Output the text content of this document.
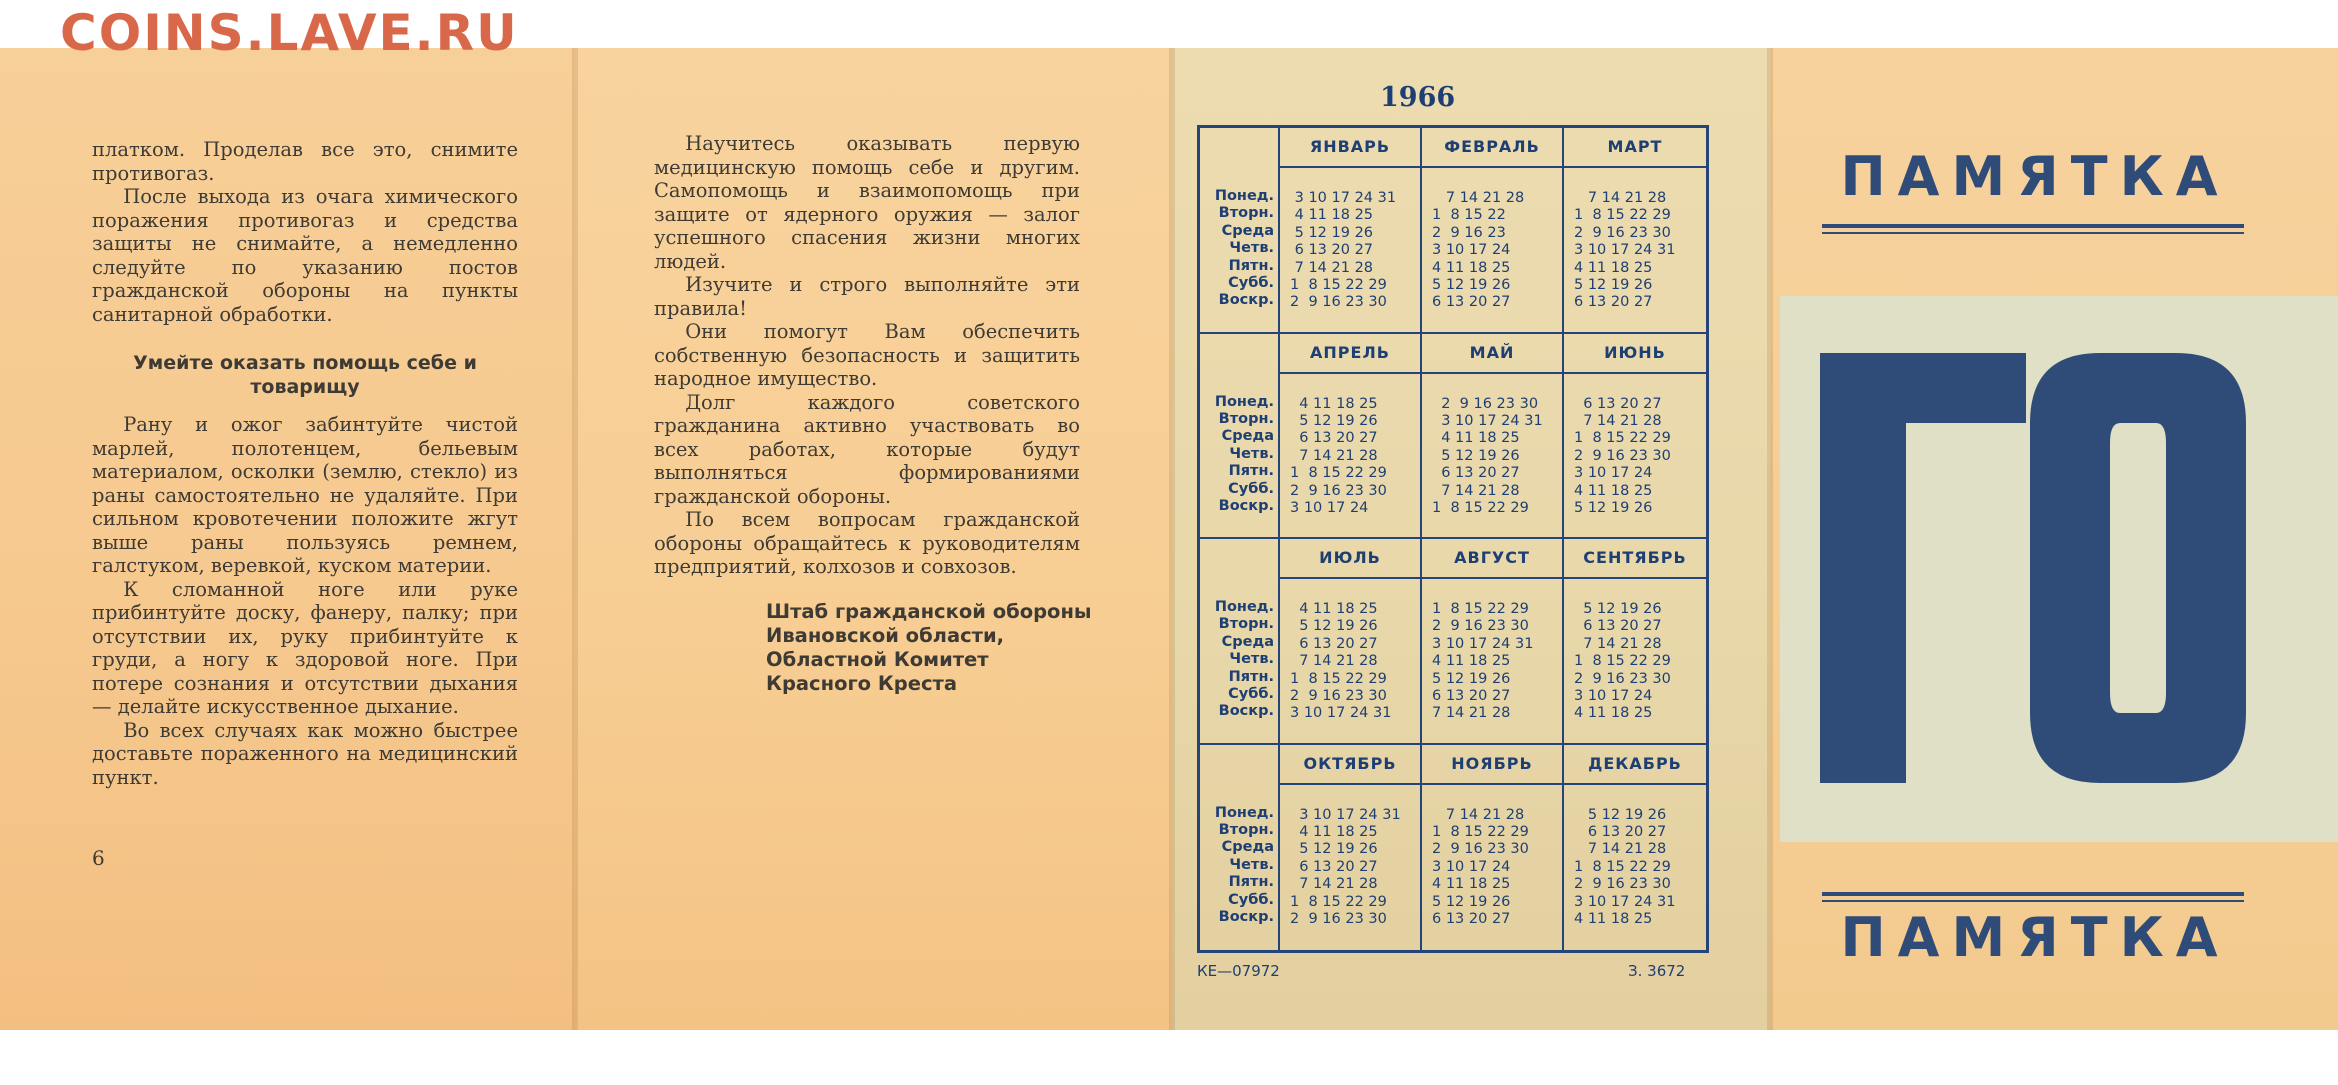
COINS.LAVE.RU

платком. Проделав все это, снимите противогаз.

После выхода из очага химического поражения противогаз и средства защиты не снимайте, а немедленно следуйте по указанию постов гражданской обороны на пункты санитарной обработки.

Умейте оказать помощь себе и товарищу

Рану и ожог забинтуйте чистой марлей, полотенцем, бельевым материалом, осколки (землю, стекло) из раны самостоятельно не удаляйте. При сильном кровотечении положите жгут выше раны пользуясь ремнем, галстуком, веревкой, куском материи.

К сломанной ноге или руке прибинтуйте доску, фанеру, палку; при отсутствии их, руку прибинтуйте к груди, а ногу к здоровой ноге. При потере сознания и отсутствии дыхания — делайте искусственное дыхание.

Во всех случаях как можно быстрее доставьте пораженного на медицинский пункт.

6

Научитесь оказывать первую медицинскую помощь себе и другим. Самопомощь и взаимопомощь при защите от ядерного оружия — залог успешного спасения жизни многих людей.

Изучите и строго выполняйте эти правила!

Они помогут Вам обеспечить собственную безопасность и защитить народное имущество.

Долг каждого советского гражданина активно участвовать во всех работах, которые будут выполняться формированиями гражданской обороны.

По всем вопросам гражданской обороны обращайтесь к руководителям предприятий, колхозов и совхозов.

Штаб гражданской обороны
Ивановской области,
Областной Комитет
Красного Креста
1966
Понед.
Вторн.
Среда
Четв.
Пятн.
Субб.
Воскр.
ЯНВАРЬ
3 10 17 24 31
4 11 18 25
5 12 19 26
6 13 20 27
7 14 21 28
1  8 15 22 29
2  9 16 23 30
ФЕВРАЛЬ
7 14 21 28
1  8 15 22
2  9 16 23
3 10 17 24
4 11 18 25
5 12 19 26
6 13 20 27
МАРТ
7 14 21 28
1  8 15 22 29
2  9 16 23 30
3 10 17 24 31
4 11 18 25
5 12 19 26
6 13 20 27
Понед.
Вторн.
Среда
Четв.
Пятн.
Субб.
Воскр.
АПРЕЛЬ
4 11 18 25
5 12 19 26
6 13 20 27
7 14 21 28
1  8 15 22 29
2  9 16 23 30
3 10 17 24
МАЙ
2  9 16 23 30
3 10 17 24 31
4 11 18 25
5 12 19 26
6 13 20 27
7 14 21 28
1  8 15 22 29
ИЮНЬ
6 13 20 27
7 14 21 28
1  8 15 22 29
2  9 16 23 30
3 10 17 24
4 11 18 25
5 12 19 26
Понед.
Вторн.
Среда
Четв.
Пятн.
Субб.
Воскр.
ИЮЛЬ
4 11 18 25
5 12 19 26
6 13 20 27
7 14 21 28
1  8 15 22 29
2  9 16 23 30
3 10 17 24 31
АВГУСТ
1  8 15 22 29
2  9 16 23 30
3 10 17 24 31
4 11 18 25
5 12 19 26
6 13 20 27
7 14 21 28
СЕНТЯБРЬ
5 12 19 26
6 13 20 27
7 14 21 28
1  8 15 22 29
2  9 16 23 30
3 10 17 24
4 11 18 25
Понед.
Вторн.
Среда
Четв.
Пятн.
Субб.
Воскр.
ОКТЯБРЬ
3 10 17 24 31
4 11 18 25
5 12 19 26
6 13 20 27
7 14 21 28
1  8 15 22 29
2  9 16 23 30
НОЯБРЬ
7 14 21 28
1  8 15 22 29
2  9 16 23 30
3 10 17 24
4 11 18 25
5 12 19 26
6 13 20 27
ДЕКАБРЬ
5 12 19 26
6 13 20 27
7 14 21 28
1  8 15 22 29
2  9 16 23 30
3 10 17 24 31
4 11 18 25
КЕ—07972	З. 3672
ПАМЯТКА
ПАМЯТКА
